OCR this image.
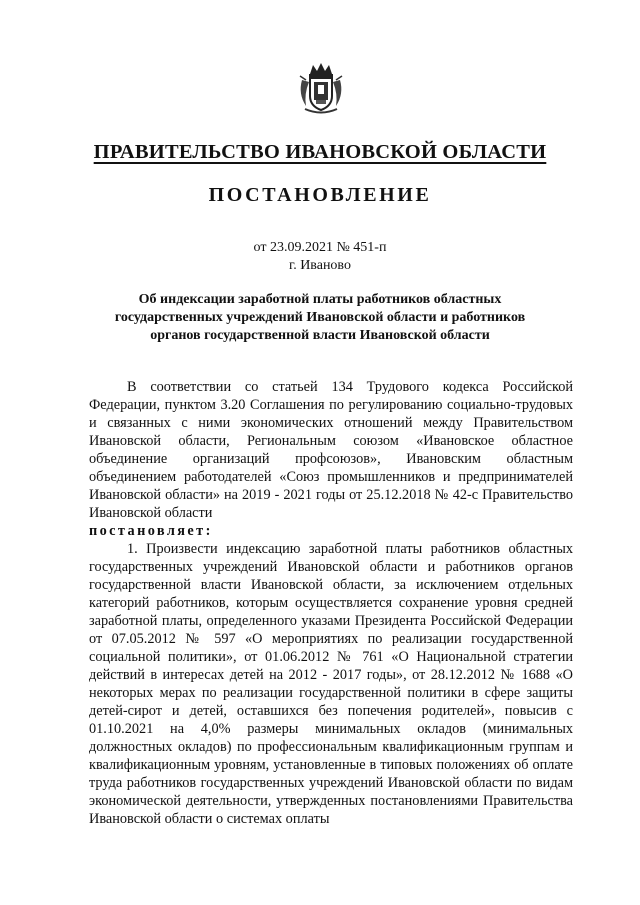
ПРАВИТЕЛЬСТВО ИВАНОВСКОЙ ОБЛАСТИ
ПОСТАНОВЛЕНИЕ
от 23.09.2021 № 451-п
г. Иваново
Об индексации заработной платы работников областных государственных учреждений Ивановской области и работников органов государственной власти Ивановской области

В соответствии со статьей 134 Трудового кодекса Российской Федерации, пунктом 3.20 Соглашения по регулированию социально-трудовых и связанных с ними экономических отношений между Правительством Ивановской области, Региональным союзом «Ивановское областное объединение организаций профсоюзов», Ивановским областным объединением работодателей «Союз промышленников и предпринимателей Ивановской области» на 2019 - 2021 годы от 25.12.2018 № 42-с Правительство Ивановской области

постановляет:

1. Произвести индексацию заработной платы работников областных государственных учреждений Ивановской области и работников органов государственной власти Ивановской области, за исключением отдельных категорий работников, которым осуществляется сохранение уровня средней заработной платы, определенного указами Президента Российской Федерации от 07.05.2012 № 597 «О мероприятиях по реализации государственной социальной политики», от 01.06.2012 № 761 «О Национальной стратегии действий в интересах детей на 2012 - 2017 годы», от 28.12.2012 № 1688 «О некоторых мерах по реализации государственной политики в сфере защиты детей-сирот и детей, оставшихся без попечения родителей», повысив с 01.10.2021 на 4,0% размеры минимальных окладов (минимальных должностных окладов) по профессиональным квалификационным группам и квалификационным уровням, установленные в типовых положениях об оплате труда работников государственных учреждений Ивановской области по видам экономической деятельности, утвержденных постановлениями Правительства Ивановской области о системах оплаты
